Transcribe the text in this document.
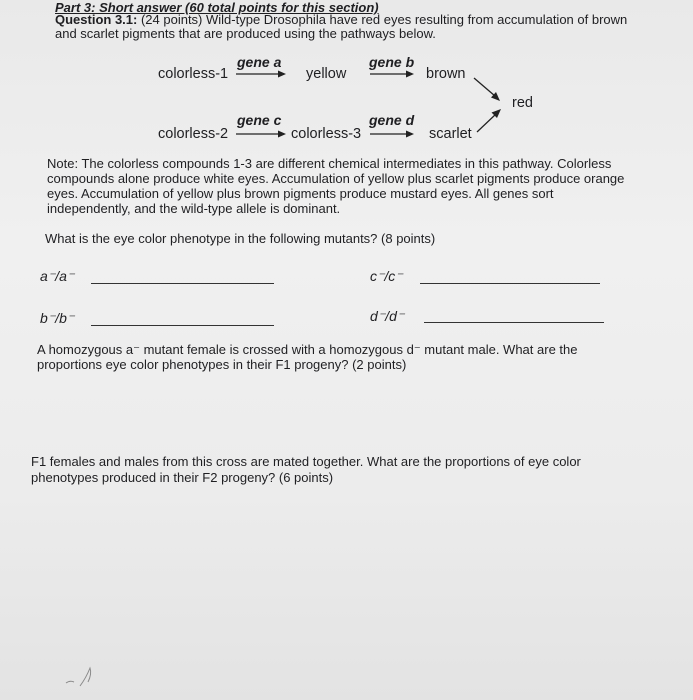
Part 3: Short answer (60 total points for this section)
Question 3.1: (24 points) Wild-type Drosophila have red eyes resulting from accumulation of brown
and scarlet pigments that are produced using the pathways below.
colorless-1
gene a
yellow
gene b
brown
colorless-2
gene c
colorless-3
gene d
scarlet
red
Note: The colorless compounds 1-3 are different chemical intermediates in this pathway. Colorless
compounds alone produce white eyes. Accumulation of yellow plus scarlet pigments produce orange
eyes. Accumulation of yellow plus brown pigments produce mustard eyes. All genes sort
independently, and the wild-type allele is dominant.
What is the eye color phenotype in the following mutants? (8 points)
a⁻/a⁻	c⁻/c⁻
b⁻/b⁻	d⁻/d⁻
A homozygous a⁻ mutant female is crossed with a homozygous d⁻ mutant male. What are the
proportions eye color phenotypes in their F1 progeny? (2 points)
F1 females and males from this cross are mated together. What are the proportions of eye color
phenotypes produced in their F2 progeny? (6 points)
